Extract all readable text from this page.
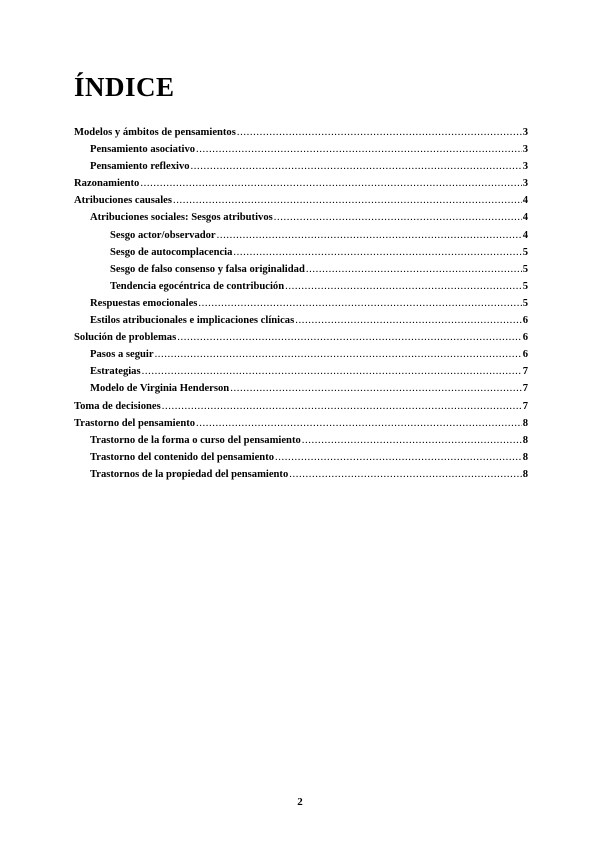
ÍNDICE
Modelos y ámbitos de pensamientos .....	3
Pensamiento asociativo .....	3
Pensamiento reflexivo .....	3
Razonamiento .....	3
Atribuciones causales .....	4
Atribuciones sociales: Sesgos atributivos .....	4
Sesgo actor/observador .....	4
Sesgo de autocomplacencia .....	5
Sesgo de falso consenso y falsa originalidad .....	5
Tendencia egocéntrica de contribución .....	5
Respuestas emocionales .....	5
Estilos atribucionales e implicaciones clínicas .....	6
Solución de problemas .....	6
Pasos a seguir .....	6
Estrategias .....	7
Modelo de Virginia Henderson .....	7
Toma de decisiones .....	7
Trastorno del pensamiento .....	8
Trastorno de la forma o curso del pensamiento .....	8
Trastorno del contenido del pensamiento .....	8
Trastornos de la propiedad del pensamiento .....	8
2
